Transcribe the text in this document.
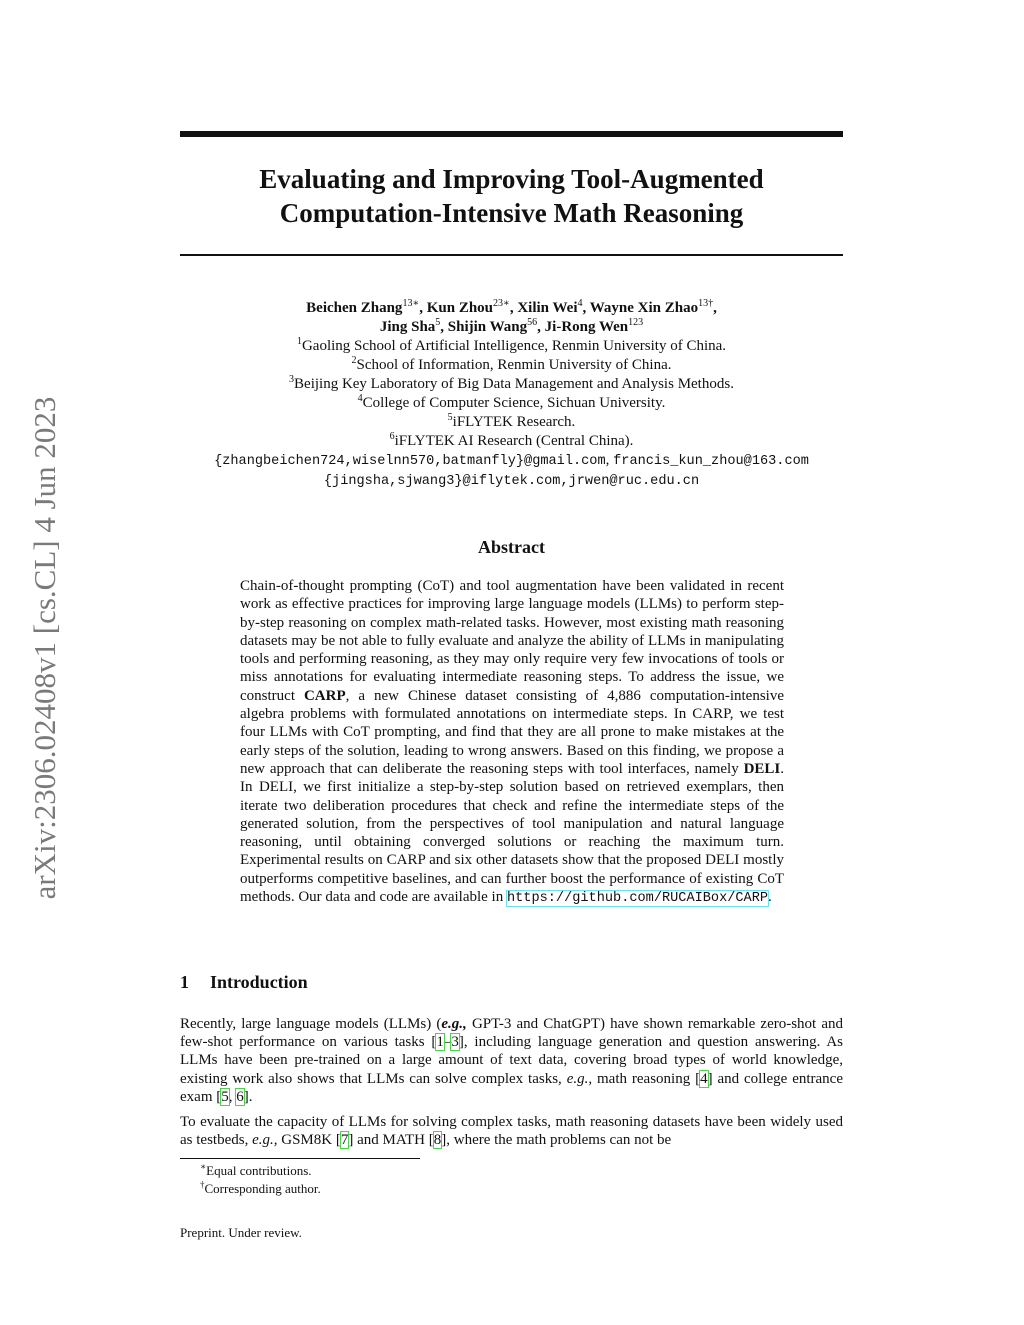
arXiv:2306.02408v1 [cs.CL] 4 Jun 2023
Evaluating and Improving Tool-Augmented
Computation-Intensive Math Reasoning
Beichen Zhang$^{13∗}$, Kun Zhou$^{23∗}$, Xilin Wei$^4$, Wayne Xin Zhao$^{13\dagger}$,
Jing Sha$^5$, Shijin Wang$^{56}$, Ji-Rong Wen$^{123}$
$^1$Gaoling School of Artificial Intelligence, Renmin University of China.
$^2$School of Information, Renmin University of China.
$^3$Beijing Key Laboratory of Big Data Management and Analysis Methods.
$^4$College of Computer Science, Sichuan University.
$^5$iFLYTEK Research.
$^6$iFLYTEK AI Research (Central China).
{zhangbeichen724,wiselnn570,batmanfly}@gmail.com, francis_kun_zhou@163.com
{jingsha,sjwang3}@iflytek.com,jrwen@ruc.edu.cn
Abstract
Chain-of-thought prompting (CoT) and tool augmentation have been validated in recent work as effective practices for improving large language models (LLMs) to perform step-by-step reasoning on complex math-related tasks. However, most existing math reasoning datasets may be not able to fully evaluate and analyze the ability of LLMs in manipulating tools and performing reasoning, as they may only require very few invocations of tools or miss annotations for evaluating intermediate reasoning steps. To address the issue, we construct CARP, a new Chinese dataset consisting of 4,886 computation-intensive algebra problems with formulated annotations on intermediate steps. In CARP, we test four LLMs with CoT prompting, and find that they are all prone to make mistakes at the early steps of the solution, leading to wrong answers. Based on this finding, we propose a new approach that can deliberate the reasoning steps with tool interfaces, namely DELI. In DELI, we first initialize a step-by-step solution based on retrieved exemplars, then iterate two deliberation procedures that check and refine the intermediate steps of the generated solution, from the perspectives of tool manipulation and natural language reasoning, until obtaining converged solutions or reaching the maximum turn. Experimental results on CARP and six other datasets show that the proposed DELI mostly outperforms competitive baselines, and can further boost the performance of existing CoT methods. Our data and code are available in https://github.com/RUCAIBox/CARP.
1 Introduction

Recently, large language models (LLMs) (e.g., GPT-3 and ChatGPT) have shown remarkable zero-shot and few-shot performance on various tasks [1–3], including language generation and question answering. As LLMs have been pre-trained on a large amount of text data, covering broad types of world knowledge, existing work also shows that LLMs can solve complex tasks, e.g., math reasoning [4] and college entrance exam [5, 6].

To evaluate the capacity of LLMs for solving complex tasks, math reasoning datasets have been widely used as testbeds, e.g., GSM8K [7] and MATH [8], where the math problems can not be

∗Equal contributions.
†Corresponding author.
Preprint. Under review.
